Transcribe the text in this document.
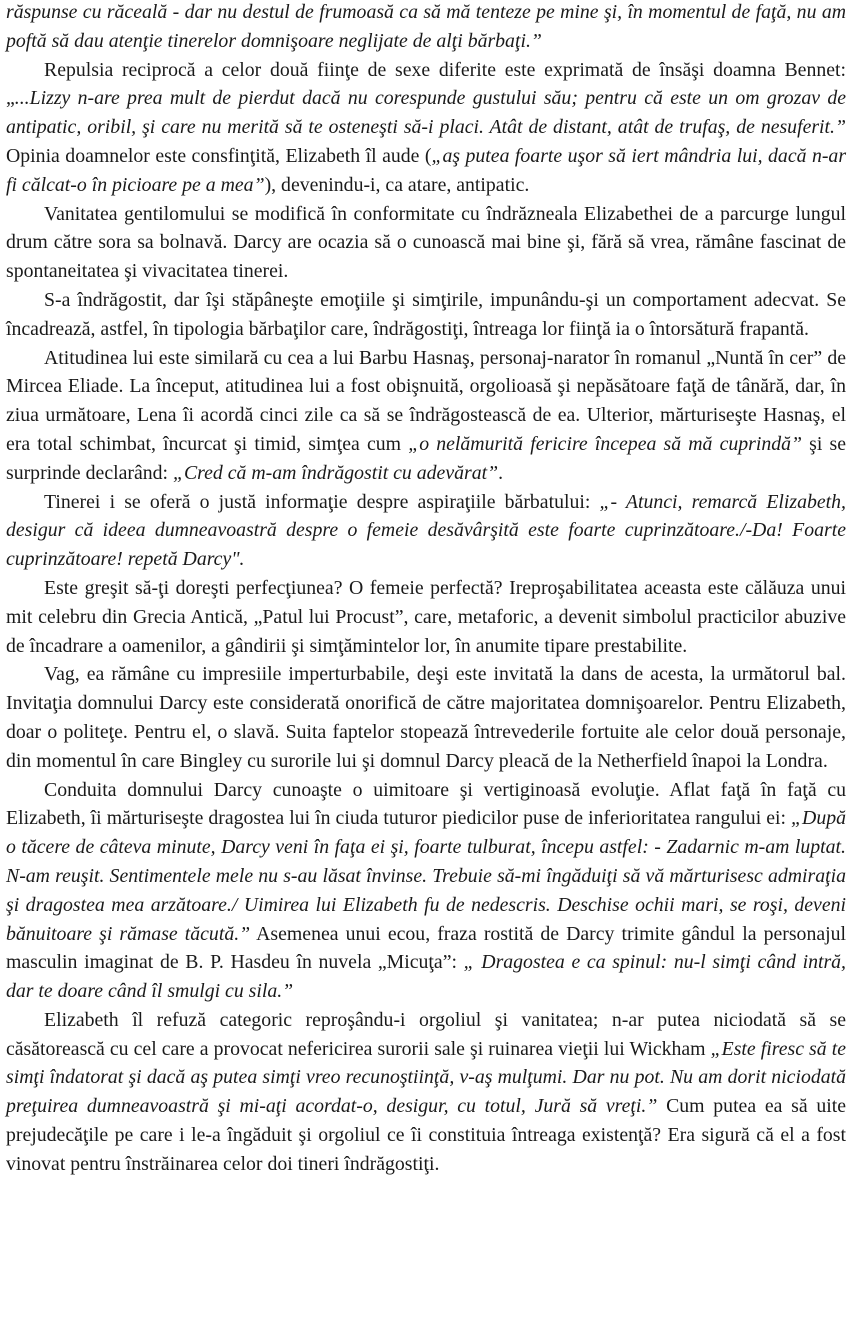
răspunse cu răceală - dar nu destul de frumoasă ca să mă tenteze pe mine şi, în momentul de faţă, nu am poftă să dau atenţie tinerelor domnişoare neglijate de alţi bărbaţi.”

Repulsia reciprocă a celor două fiinţe de sexe diferite este exprimată de însăşi doamna Bennet: „...Lizzy n-are prea mult de pierdut dacă nu corespunde gustului său; pentru că este un om grozav de antipatic, oribil, şi care nu merită să te osteneşti să-i placi. Atât de distant, atât de trufaş, de nesuferit.” Opinia doamnelor este consfinţită, Elizabeth îl aude („aş putea foarte uşor să iert mândria lui, dacă n-ar fi călcat-o în picioare pe a mea”), devenindu-i, ca atare, antipatic.

Vanitatea gentilomului se modifică în conformitate cu îndrăzneala Elizabethei de a parcurge lungul drum către sora sa bolnavă. Darcy are ocazia să o cunoască mai bine şi, fără să vrea, rămâne fascinat de spontaneitatea şi vivacitatea tinerei.

S-a îndrăgostit, dar îşi stăpâneşte emoţiile şi simţirile, impunându-şi un comportament adecvat. Se încadrează, astfel, în tipologia bărbaţilor care, îndrăgostiţi, întreaga lor fiinţă ia o întorsătură frapantă.

Atitudinea lui este similară cu cea a lui Barbu Hasnaş, personaj-narator în romanul „Nuntă în cer” de Mircea Eliade. La început, atitudinea lui a fost obişnuită, orgolioasă şi nepăsătoare faţă de tânără, dar, în ziua următoare, Lena îi acordă cinci zile ca să se îndrăgostească de ea. Ulterior, mărturiseşte Hasnaş, el era total schimbat, încurcat şi timid, simţea cum „o nelămurită fericire începea să mă cuprindă” şi se surprinde declarând: „Cred că m-am îndrăgostit cu adevărat”.

Tinerei i se oferă o justă informaţie despre aspiraţiile bărbatului: „- Atunci, remarcă Elizabeth, desigur că ideea dumneavoastră despre o femeie desăvârşită este foarte cuprinzătoare./-Da! Foarte cuprinzătoare! repetă Darcy".

Este greşit să-ţi doreşti perfecţiunea? O femeie perfectă? Ireproşabilitatea aceasta este călăuza unui mit celebru din Grecia Antică, „Patul lui Procust”, care, metaforic, a devenit simbolul practicilor abuzive de încadrare a oamenilor, a gândirii şi simţămintelor lor, în anumite tipare prestabilite.

Vag, ea rămâne cu impresiile imperturbabile, deşi este invitată la dans de acesta, la următorul bal. Invitaţia domnului Darcy este considerată onorifică de către majoritatea domnişoarelor. Pentru Elizabeth, doar o politeţe. Pentru el, o slavă. Suita faptelor stopează întrevederile fortuite ale celor două personaje, din momentul în care Bingley cu surorile lui şi domnul Darcy pleacă de la Netherfield înapoi la Londra.

Conduita domnului Darcy cunoaşte o uimitoare şi vertiginoasă evoluţie. Aflat faţă în faţă cu Elizabeth, îi mărturiseşte dragostea lui în ciuda tuturor piedicilor puse de inferioritatea rangului ei: „După o tăcere de câteva minute, Darcy veni în faţa ei şi, foarte tulburat, începu astfel: - Zadarnic m-am luptat. N-am reuşit. Sentimentele mele nu s-au lăsat învinse. Trebuie să-mi îngăduiţi să vă mărturisesc admiraţia şi dragostea mea arzătoare./ Uimirea lui Elizabeth fu de nedescris. Deschise ochii mari, se roşi, deveni bănuitoare şi rămase tăcută.” Asemenea unui ecou, fraza rostită de Darcy trimite gândul la personajul masculin imaginat de B. P. Hasdeu în nuvela „Micuţa”: „ Dragostea e ca spinul: nu-l simţi când intră, dar te doare când îl smulgi cu sila.”

Elizabeth îl refuză categoric reproşându-i orgoliul şi vanitatea; n-ar putea niciodată să se căsătorească cu cel care a provocat nefericirea surorii sale şi ruinarea vieţii lui Wickham „Este firesc să te simţi îndatorat şi dacă aş putea simţi vreo recunoştiinţă, v-aş mulţumi. Dar nu pot. Nu am dorit niciodată preţuirea dumneavoastră şi mi-aţi acordat-o, desigur, cu totul, Jură să vreţi.” Cum putea ea să uite prejudecăţile pe care i le-a îngăduit şi orgoliul ce îi constituia întreaga existenţă? Era sigură că el a fost vinovat pentru înstrăinarea celor doi tineri îndrăgostiţi.
